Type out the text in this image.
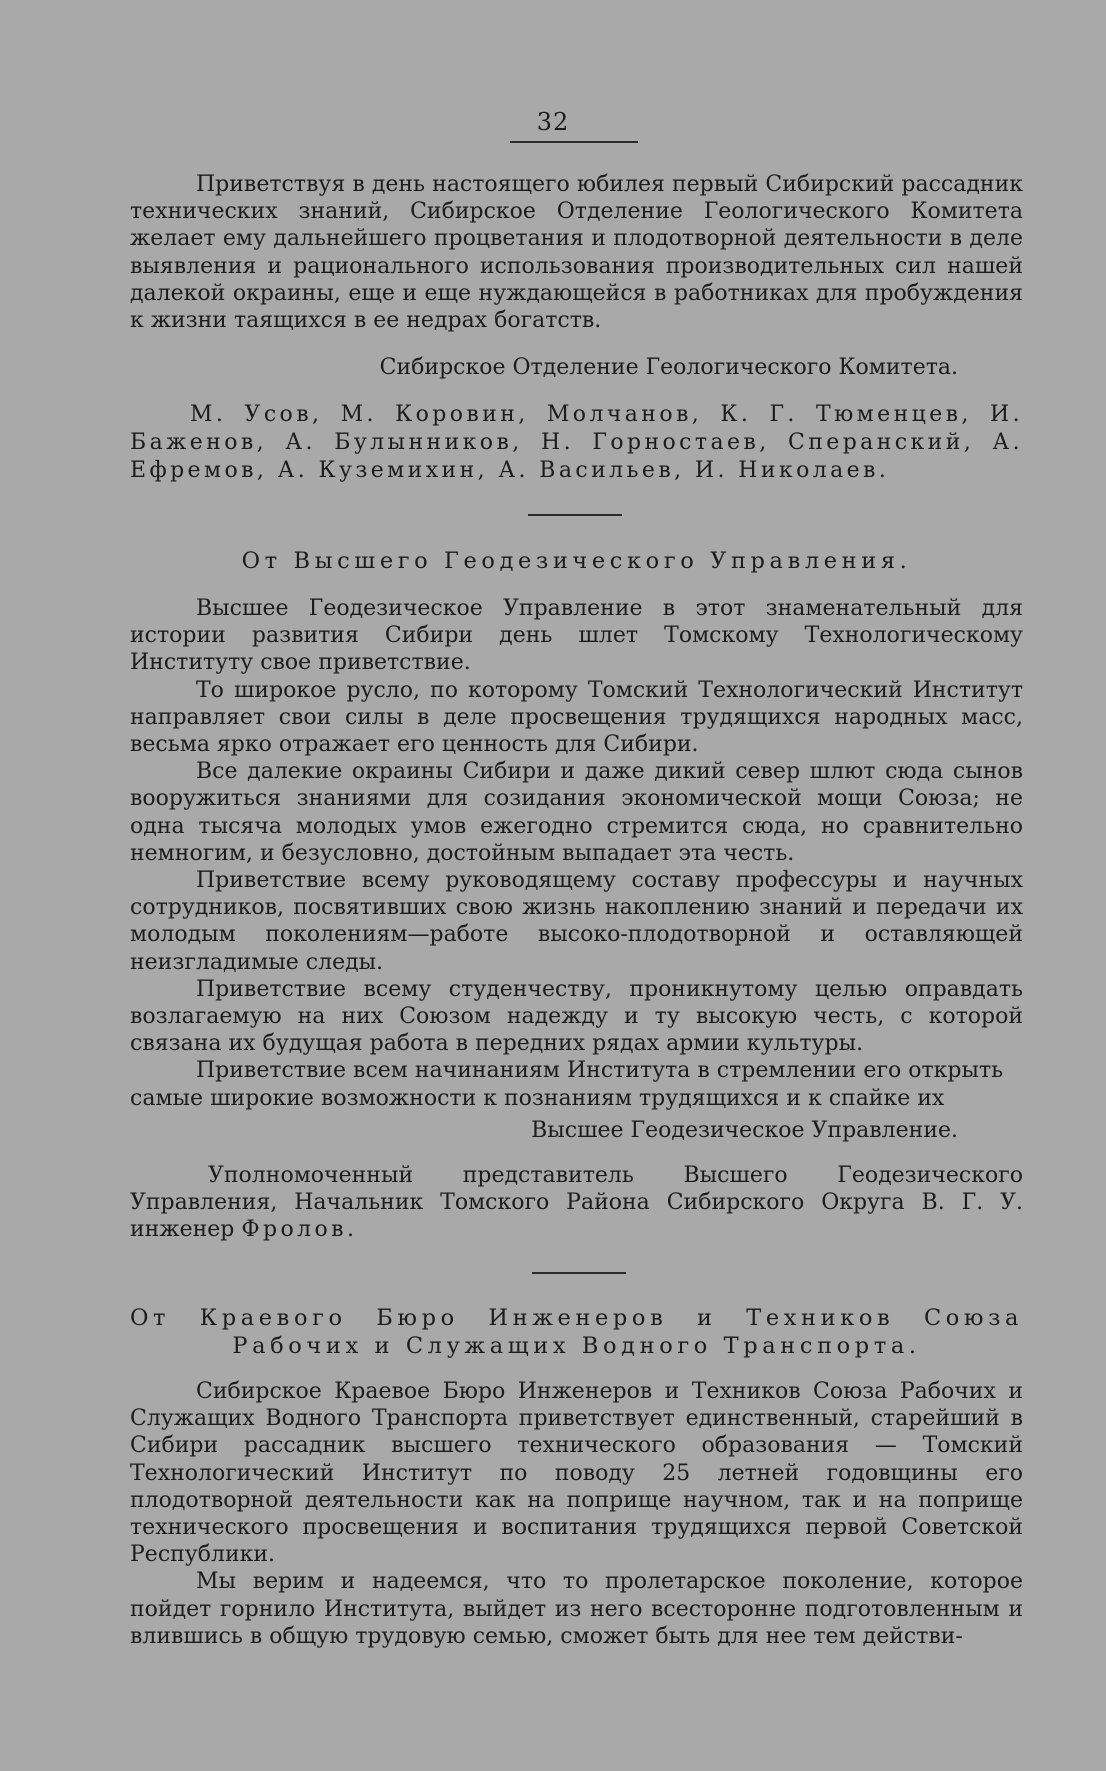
32

Приветствуя в день настоящего юбилея первый Сибирский рассадник технических знаний, Сибирское Отделение Геологического Комитета желает ему дальнейшего процветания и плодотворной деятельности в деле выявления и рационального использования производительных сил нашей далекой окраины, еще и еще нуждающейся в работниках для пробуждения к жизни таящихся в ее недрах богатств.

Сибирское Отделение Геологического Комитета.

М. Усов, М. Коровин, Молчанов, К. Г. Тюменцев, И. Баженов, А. Булынников, Н. Горностаев, Сперанский, А. Ефремов, А. Куземихин, А. Васильев, И. Николаев.

От Высшего Геодезического Управления.

Высшее Геодезическое Управление в этот знаменательный для истории развития Сибири день шлет Томскому Технологическому Институту свое приветствие.

То широкое русло, по которому Томский Технологический Институт направляет свои силы в деле просвещения трудящихся народных масс, весьма ярко отражает его ценность для Сибири.

Все далекие окраины Сибири и даже дикий север шлют сюда сынов вооружиться знаниями для созидания экономической мощи Союза; не одна тысяча молодых умов ежегодно стремится сюда, но сравнительно немногим, и безусловно, достойным выпадает эта честь.

Приветствие всему руководящему составу профессуры и научных сотрудников, посвятивших свою жизнь накоплению знаний и передачи их молодым поколениям—работе высоко-плодотворной и оставляющей неизгладимые следы.

Приветствие всему студенчеству, проникнутому целью оправдать возлагаемую на них Союзом надежду и ту высокую честь, с которой связана их будущая работа в передних рядах армии культуры.

Приветствие всем начинаниям Института в стремлении его открыть самые широкие возможности к познаниям трудящихся и к спайке их

Высшее Геодезическое Управление.

Уполномоченный представитель Высшего Геодезического Управления, Начальник Томского Района Сибирского Округа В. Г. У. инженер Фролов.

От Краевого Бюро Инженеров и Техников Союза Рабочих и Служащих Водного Транспорта.

Сибирское Краевое Бюро Инженеров и Техников Союза Рабочих и Служащих Водного Транспорта приветствует единственный, старейший в Сибири рассадник высшего технического образования — Томский Технологический Институт по поводу 25 летней годовщины его плодотворной деятельности как на поприще научном, так и на поприще технического просвещения и воспитания трудящихся первой Советской Республики.

Мы верим и надеемся, что то пролетарское поколение, которое пойдет горнило Института, выйдет из него всесторонне подготовленным и влившись в общую трудовую семью, сможет быть для нее тем действи-
